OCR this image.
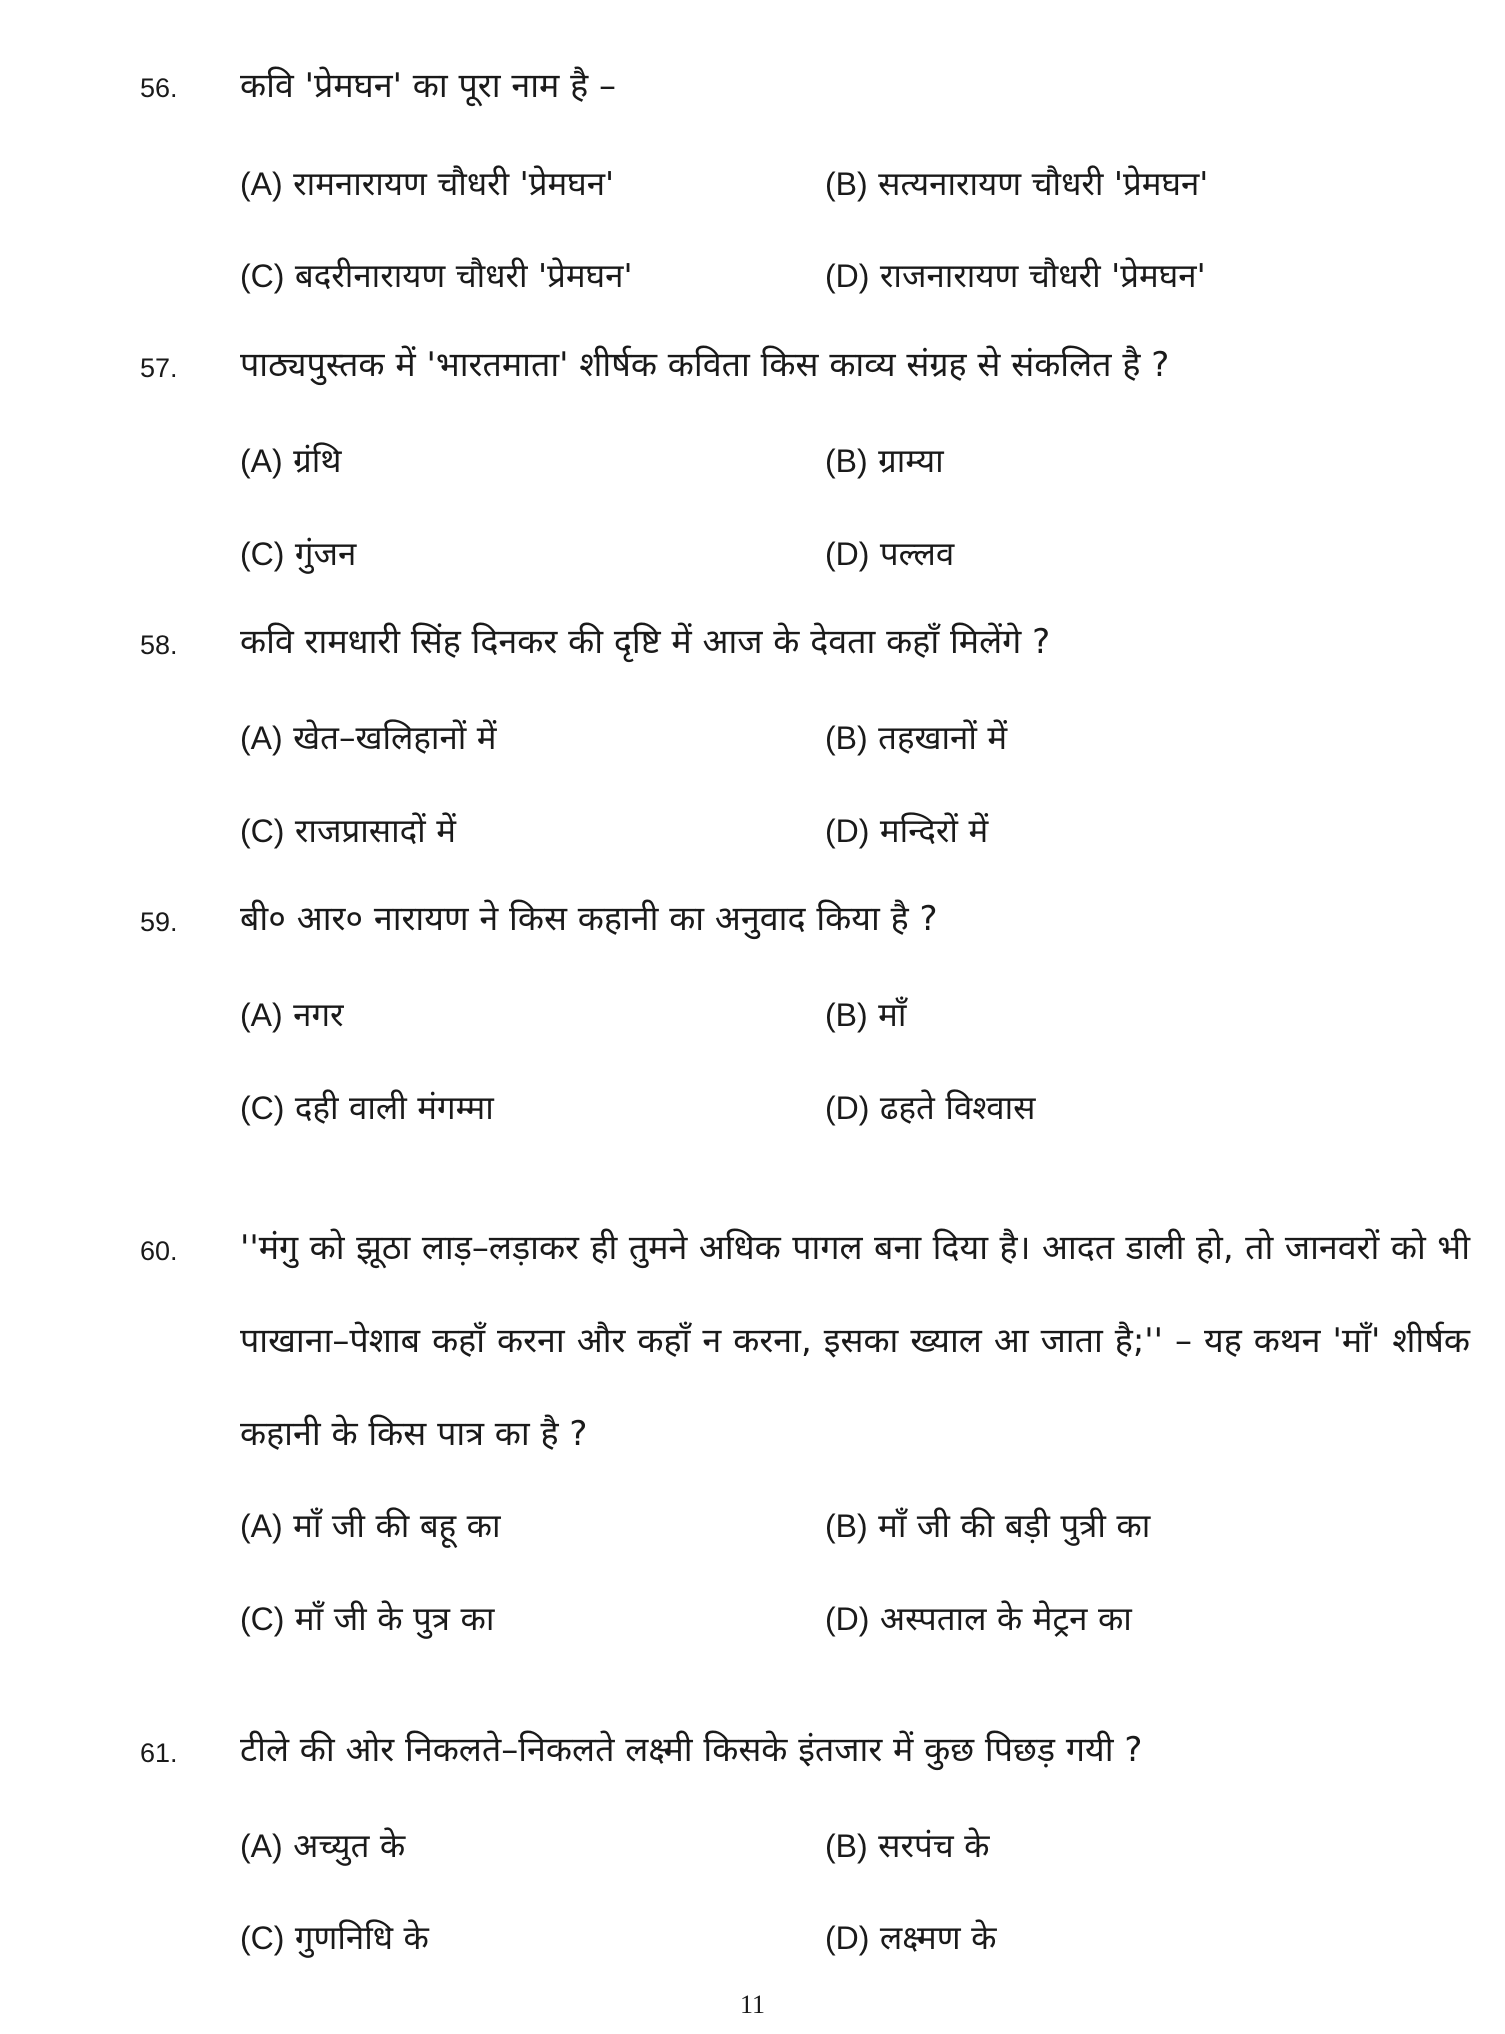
56. कवि 'प्रेमघन' का पूरा नाम है –
(A) रामनारायण चौधरी 'प्रेमघन'	(B) सत्यनारायण चौधरी 'प्रेमघन'
(C) बदरीनारायण चौधरी 'प्रेमघन'	(D) राजनारायण चौधरी 'प्रेमघन'
57. पाठ्यपुस्तक में 'भारतमाता' शीर्षक कविता किस काव्य संग्रह से संकलित है ?
(A) ग्रंथि	(B) ग्राम्या
(C) गुंजन	(D) पल्लव
58. कवि रामधारी सिंह दिनकर की दृष्टि में आज के देवता कहाँ मिलेंगे ?
(A) खेत–खलिहानों में	(B) तहखानों में
(C) राजप्रासादों में	(D) मन्दिरों में
59. बी० आर० नारायण ने किस कहानी का अनुवाद किया है ?
(A) नगर	(B) माँ
(C) दही वाली मंगम्मा	(D) ढहते विश्वास
60. ''मंगु को झूठा लाड़–लड़ाकर ही तुमने अधिक पागल बना दिया है। आदत डाली हो, तो जानवरों को भी पाखाना–पेशाब कहाँ करना और कहाँ न करना, इसका ख्याल आ जाता है;'' – यह कथन 'माँ' शीर्षक कहानी के किस पात्र का है ?
(A) माँ जी की बहू का	(B) माँ जी की बड़ी पुत्री का
(C) माँ जी के पुत्र का	(D) अस्पताल के मेट्रन का
61. टीले की ओर निकलते–निकलते लक्ष्मी किसके इंतजार में कुछ पिछड़ गयी ?
(A) अच्युत के	(B) सरपंच के
(C) गुणनिधि के	(D) लक्ष्मण के
11
